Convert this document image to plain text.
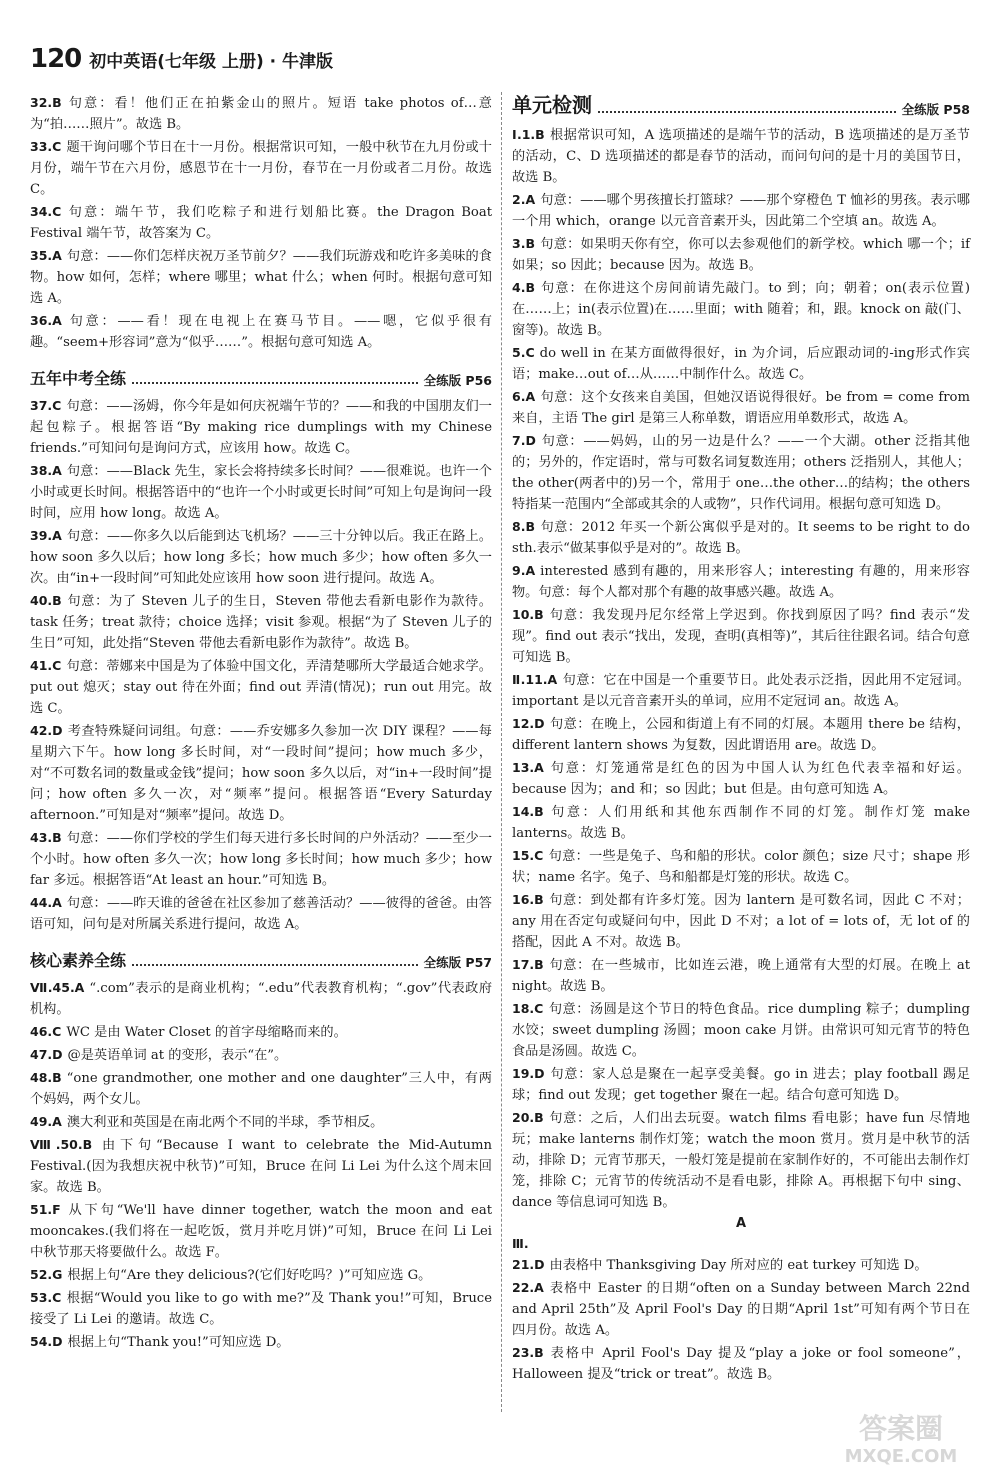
120 初中英语(七年级 上册) · 牛津版

32.B 句意：看！他们正在拍紫金山的照片。短语 take photos of…意为“拍……照片”。故选 B。

33.C 题干询问哪个节日在十一月份。根据常识可知，一般中秋节在九月份或十月份，端午节在六月份，感恩节在十一月份，春节在一月份或者二月份。故选 C。

34.C 句意：端午节，我们吃粽子和进行划船比赛。the Dragon Boat Festival 端午节，故答案为 C。

35.A 句意：——你们怎样庆祝万圣节前夕？——我们玩游戏和吃许多美味的食物。how 如何，怎样；where 哪里；what 什么；when 何时。根据句意可知选 A。

36.A 句意：——看！现在电视上在赛马节目。——嗯，它似乎很有趣。“seem+形容词”意为“似乎……”。根据句意可知选 A。

五年中考全练	全练版 P56

37.C 句意：——汤姆，你今年是如何庆祝端午节的？——和我的中国朋友们一起包粽子。根据答语“By making rice dumplings with my Chinese friends.”可知问句是询问方式，应该用 how。故选 C。

38.A 句意：——Black 先生，家长会将持续多长时间？——很难说。也许一个小时或更长时间。根据答语中的“也许一个小时或更长时间”可知上句是询问一段时间，应用 how long。故选 A。

39.A 句意：——你多久以后能到达飞机场？——三十分钟以后。我正在路上。how soon 多久以后；how long 多长；how much 多少；how often 多久一次。由“in+一段时间”可知此处应该用 how soon 进行提问。故选 A。

40.B 句意：为了 Steven 儿子的生日，Steven 带他去看新电影作为款待。task 任务；treat 款待；choice 选择；visit 参观。根据“为了 Steven 儿子的生日”可知，此处指“Steven 带他去看新电影作为款待”。故选 B。

41.C 句意：蒂娜来中国是为了体验中国文化，弄清楚哪所大学最适合她求学。put out 熄灭；stay out 待在外面；find out 弄清(情况)；run out 用完。故选 C。

42.D 考查特殊疑问词组。句意：——乔安娜多久参加一次 DIY 课程？——每星期六下午。how long 多长时间，对“一段时间”提问；how much 多少，对“不可数名词的数量或金钱”提问；how soon 多久以后，对“in+一段时间”提问；how often 多久一次，对“频率”提问。根据答语“Every Saturday afternoon.”可知是对“频率”提问。故选 D。

43.B 句意：——你们学校的学生们每天进行多长时间的户外活动？——至少一个小时。how often 多久一次；how long 多长时间；how much 多少；how far 多远。根据答语“At least an hour.”可知选 B。

44.A 句意：——昨天谁的爸爸在社区参加了慈善活动？——彼得的爸爸。由答语可知，问句是对所属关系进行提问，故选 A。

核心素养全练	全练版 P57

Ⅶ.45.A “.com”表示的是商业机构；“.edu”代表教育机构；“.gov”代表政府机构。

46.C WC 是由 Water Closet 的首字母缩略而来的。

47.D @是英语单词 at 的变形，表示“在”。

48.B “one grandmother, one mother and one daughter”三人中，有两个妈妈，两个女儿。

49.A 澳大利亚和英国是在南北两个不同的半球，季节相反。

Ⅷ.50.B 由下句“Because I want to celebrate the Mid-Autumn Festival.(因为我想庆祝中秋节)”可知，Bruce 在问 Li Lei 为什么这个周末回家。故选 B。

51.F 从下句“We'll have dinner together, watch the moon and eat mooncakes.(我们将在一起吃饭，赏月并吃月饼)”可知，Bruce 在问 Li Lei 中秋节那天将要做什么。故选 F。

52.G 根据上句“Are they delicious?(它们好吃吗？)”可知应选 G。

53.C 根据“Would you like to go with me?”及 Thank you!”可知，Bruce 接受了 Li Lei 的邀请。故选 C。

54.D 根据上句“Thank you!”可知应选 D。

单元检测	全练版 P58

Ⅰ.1.B 根据常识可知，A 选项描述的是端午节的活动，B 选项描述的是万圣节的活动，C、D 选项描述的都是春节的活动，而问句问的是十月的美国节日，故选 B。

2.A 句意：——哪个男孩擅长打篮球？——那个穿橙色 T 恤衫的男孩。表示哪一个用 which，orange 以元音音素开头，因此第二个空填 an。故选 A。

3.B 句意：如果明天你有空，你可以去参观他们的新学校。which 哪一个；if 如果；so 因此；because 因为。故选 B。

4.B 句意：在你进这个房间前请先敲门。to 到；向；朝着；on(表示位置)在……上；in(表示位置)在……里面；with 随着；和，跟。knock on 敲(门、窗等)。故选 B。

5.C do well in 在某方面做得很好，in 为介词，后应跟动词的-ing形式作宾语；make…out of…从……中制作什么。故选 C。

6.A 句意：这个女孩来自美国，但她汉语说得很好。be from = come from 来自，主语 The girl 是第三人称单数，谓语应用单数形式，故选 A。

7.D 句意：——妈妈，山的另一边是什么？——一个大湖。other 泛指其他的；另外的，作定语时，常与可数名词复数连用；others 泛指别人，其他人；the other(两者中的)另一个，常用于 one…the other…的结构；the others 特指某一范围内“全部或其余的人或物”，只作代词用。根据句意可知选 D。

8.B 句意：2012 年买一个新公寓似乎是对的。It seems to be right to do sth.表示“做某事似乎是对的”。故选 B。

9.A interested 感到有趣的，用来形容人；interesting 有趣的，用来形容物。句意：每个人都对那个有趣的故事感兴趣。故选 A。

10.B 句意：我发现丹尼尔经常上学迟到。你找到原因了吗？find 表示“发现”。find out 表示“找出，发现，查明(真相等)”，其后往往跟名词。结合句意可知选 B。

Ⅱ.11.A 句意：它在中国是一个重要节日。此处表示泛指，因此用不定冠词。important 是以元音音素开头的单词，应用不定冠词 an。故选 A。

12.D 句意：在晚上，公园和街道上有不同的灯展。本题用 there be 结构，different lantern shows 为复数，因此谓语用 are。故选 D。

13.A 句意：灯笼通常是红色的因为中国人认为红色代表幸福和好运。because 因为；and 和；so 因此；but 但是。由句意可知选 A。

14.B 句意：人们用纸和其他东西制作不同的灯笼。制作灯笼 make lanterns。故选 B。

15.C 句意：一些是兔子、鸟和船的形状。color 颜色；size 尺寸；shape 形状；name 名字。兔子、鸟和船都是灯笼的形状。故选 C。

16.B 句意：到处都有许多灯笼。因为 lantern 是可数名词，因此 C 不对；any 用在否定句或疑问句中，因此 D 不对；a lot of = lots of，无 lot of 的搭配，因此 A 不对。故选 B。

17.B 句意：在一些城市，比如连云港，晚上通常有大型的灯展。在晚上 at night。故选 B。

18.C 句意：汤圆是这个节日的特色食品。rice dumpling 粽子；dumpling 水饺；sweet dumpling 汤圆；moon cake 月饼。由常识可知元宵节的特色食品是汤圆。故选 C。

19.D 句意：家人总是聚在一起享受美餐。go in 进去；play football 踢足球；find out 发现；get together 聚在一起。结合句意可知选 D。

20.B 句意：之后，人们出去玩耍。watch films 看电影；have fun 尽情地玩；make lanterns 制作灯笼；watch the moon 赏月。赏月是中秋节的活动，排除 D；元宵节那天，一般灯笼是提前在家制作好的，不可能出去制作灯笼，排除 C；元宵节的传统活动不是看电影，排除 A。再根据下句中 sing、dance 等信息词可知选 B。

A
Ⅲ.

21.D 由表格中 Thanksgiving Day 所对应的 eat turkey 可知选 D。

22.A 表格中 Easter 的日期“often on a Sunday between March 22nd and April 25th”及 April Fool's Day 的日期“April 1st”可知有两个节日在四月份。故选 A。

23.B 表格中 April Fool's Day 提及“play a joke or fool someone”，Halloween 提及“trick or treat”。故选 B。

答案圈
MXQE.COM
